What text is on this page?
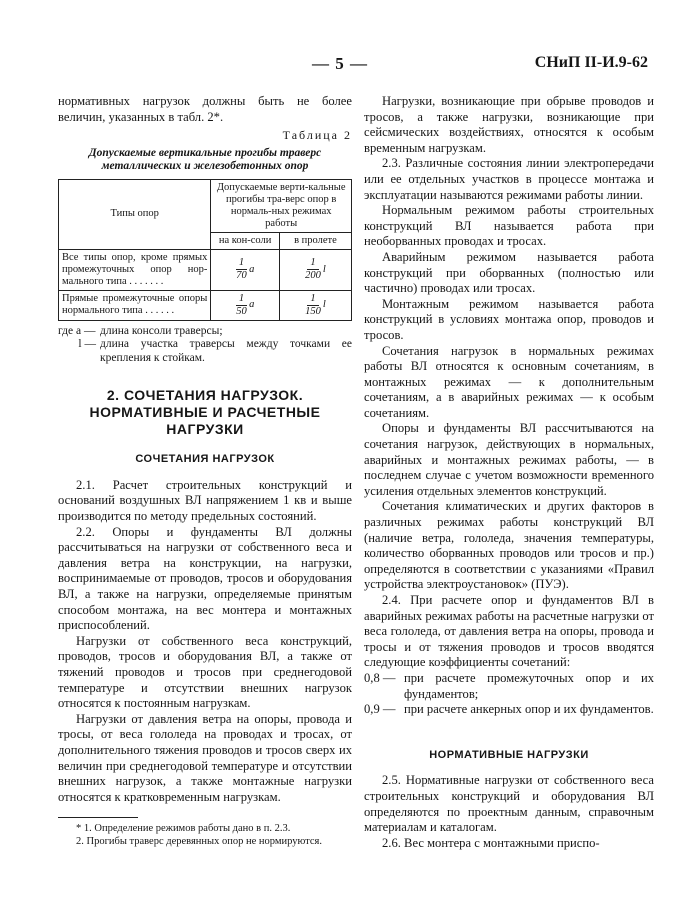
— 5 —	СНиП II-И.9-62

нормативных нагрузок должны быть не более величин, указанных в табл. 2*.

Таблица 2
Допускаемые вертикальные прогибы траверс металлических и железобетонных опор
Типы опор	Допускаемые верти-кальные прогибы тра-верс опор в нормаль-ных режимах работы	
	на кон-соли	в пролете
Все типы опор, кроме прямых промежуточных опор нор-мального типа . . . . . . .	$\frac{1}{70}$ a	$\frac{1}{200}$ l

Прямые промежуточные опоры нормального типа . . . . . .	$\frac{1}{50}$ a	$\frac{1}{150}$ l
где a — длина консоли траверсы;
l — длина участка траверсы между точками ее крепления к стойкам.
2. СОЧЕТАНИЯ НАГРУЗОК. НОРМАТИВНЫЕ И РАСЧЕТНЫЕ НАГРУЗКИ
СОЧЕТАНИЯ НАГРУЗОК

2.1. Расчет строительных конструкций и оснований воздушных ВЛ напряжением 1 кв и выше производится по методу предельных состояний.

2.2. Опоры и фундаменты ВЛ должны рассчитываться на нагрузки от собственного веса и давления ветра на конструкции, на нагрузки, воспринимаемые от проводов, тросов и оборудования ВЛ, а также на нагрузки, определяемые принятым способом монтажа, на вес монтера и монтажных приспособлений.

Нагрузки от собственного веса конструкций, проводов, тросов и оборудования ВЛ, а также от тяжений проводов и тросов при среднегодовой температуре и отсутствии внешних нагрузок относятся к постоянным нагрузкам.

Нагрузки от давления ветра на опоры, провода и тросы, от веса гололеда на проводах и тросах, от дополнительного тяжения проводов и тросов сверх их величин при среднегодовой температуре и отсутствии внешних нагрузок, а также монтажные нагрузки относятся к кратковременным нагрузкам.

* 1. Определение режимов работы дано в п. 2.3.

2. Прогибы траверс деревянных опор не нормируются.

Нагрузки, возникающие при обрыве проводов и тросов, а также нагрузки, возникающие при сейсмических воздействиях, относятся к особым временным нагрузкам.

2.3. Различные состояния линии электропередачи или ее отдельных участков в процессе монтажа и эксплуатации называются режимами работы линии.

Нормальным режимом работы строительных конструкций ВЛ называется работа при необорванных проводах и тросах.

Аварийным режимом называется работа конструкций при оборванных (полностью или частично) проводах или тросах.

Монтажным режимом называется работа конструкций в условиях монтажа опор, проводов и тросов.

Сочетания нагрузок в нормальных режимах работы ВЛ относятся к основным сочетаниям, в монтажных режимах — к дополнительным сочетаниям, а в аварийных режимах — к особым сочетаниям.

Опоры и фундаменты ВЛ рассчитываются на сочетания нагрузок, действующих в нормальных, аварийных и монтажных режимах работы, — в последнем случае с учетом возможности временного усиления отдельных элементов конструкций.

Сочетания климатических и других факторов в различных режимах работы конструкций ВЛ (наличие ветра, гололеда, значения температуры, количество оборванных проводов или тросов и пр.) определяются в соответствии с указаниями «Правил устройства электроустановок» (ПУЭ).

2.4. При расчете опор и фундаментов ВЛ в аварийных режимах работы на расчетные нагрузки от веса гололеда, от давления ветра на опоры, провода и тросы и от тяжения проводов и тросов вводятся следующие коэффициенты сочетаний:

0,8 — при расчете промежуточных опор и их фундаментов;
0,9 — при расчете анкерных опор и их фундаментов.
НОРМАТИВНЫЕ НАГРУЗКИ

2.5. Нормативные нагрузки от собственного веса строительных конструкций и оборудования ВЛ определяются по проектным данным, справочным материалам и каталогам.

2.6. Вес монтера с монтажными приспо-
